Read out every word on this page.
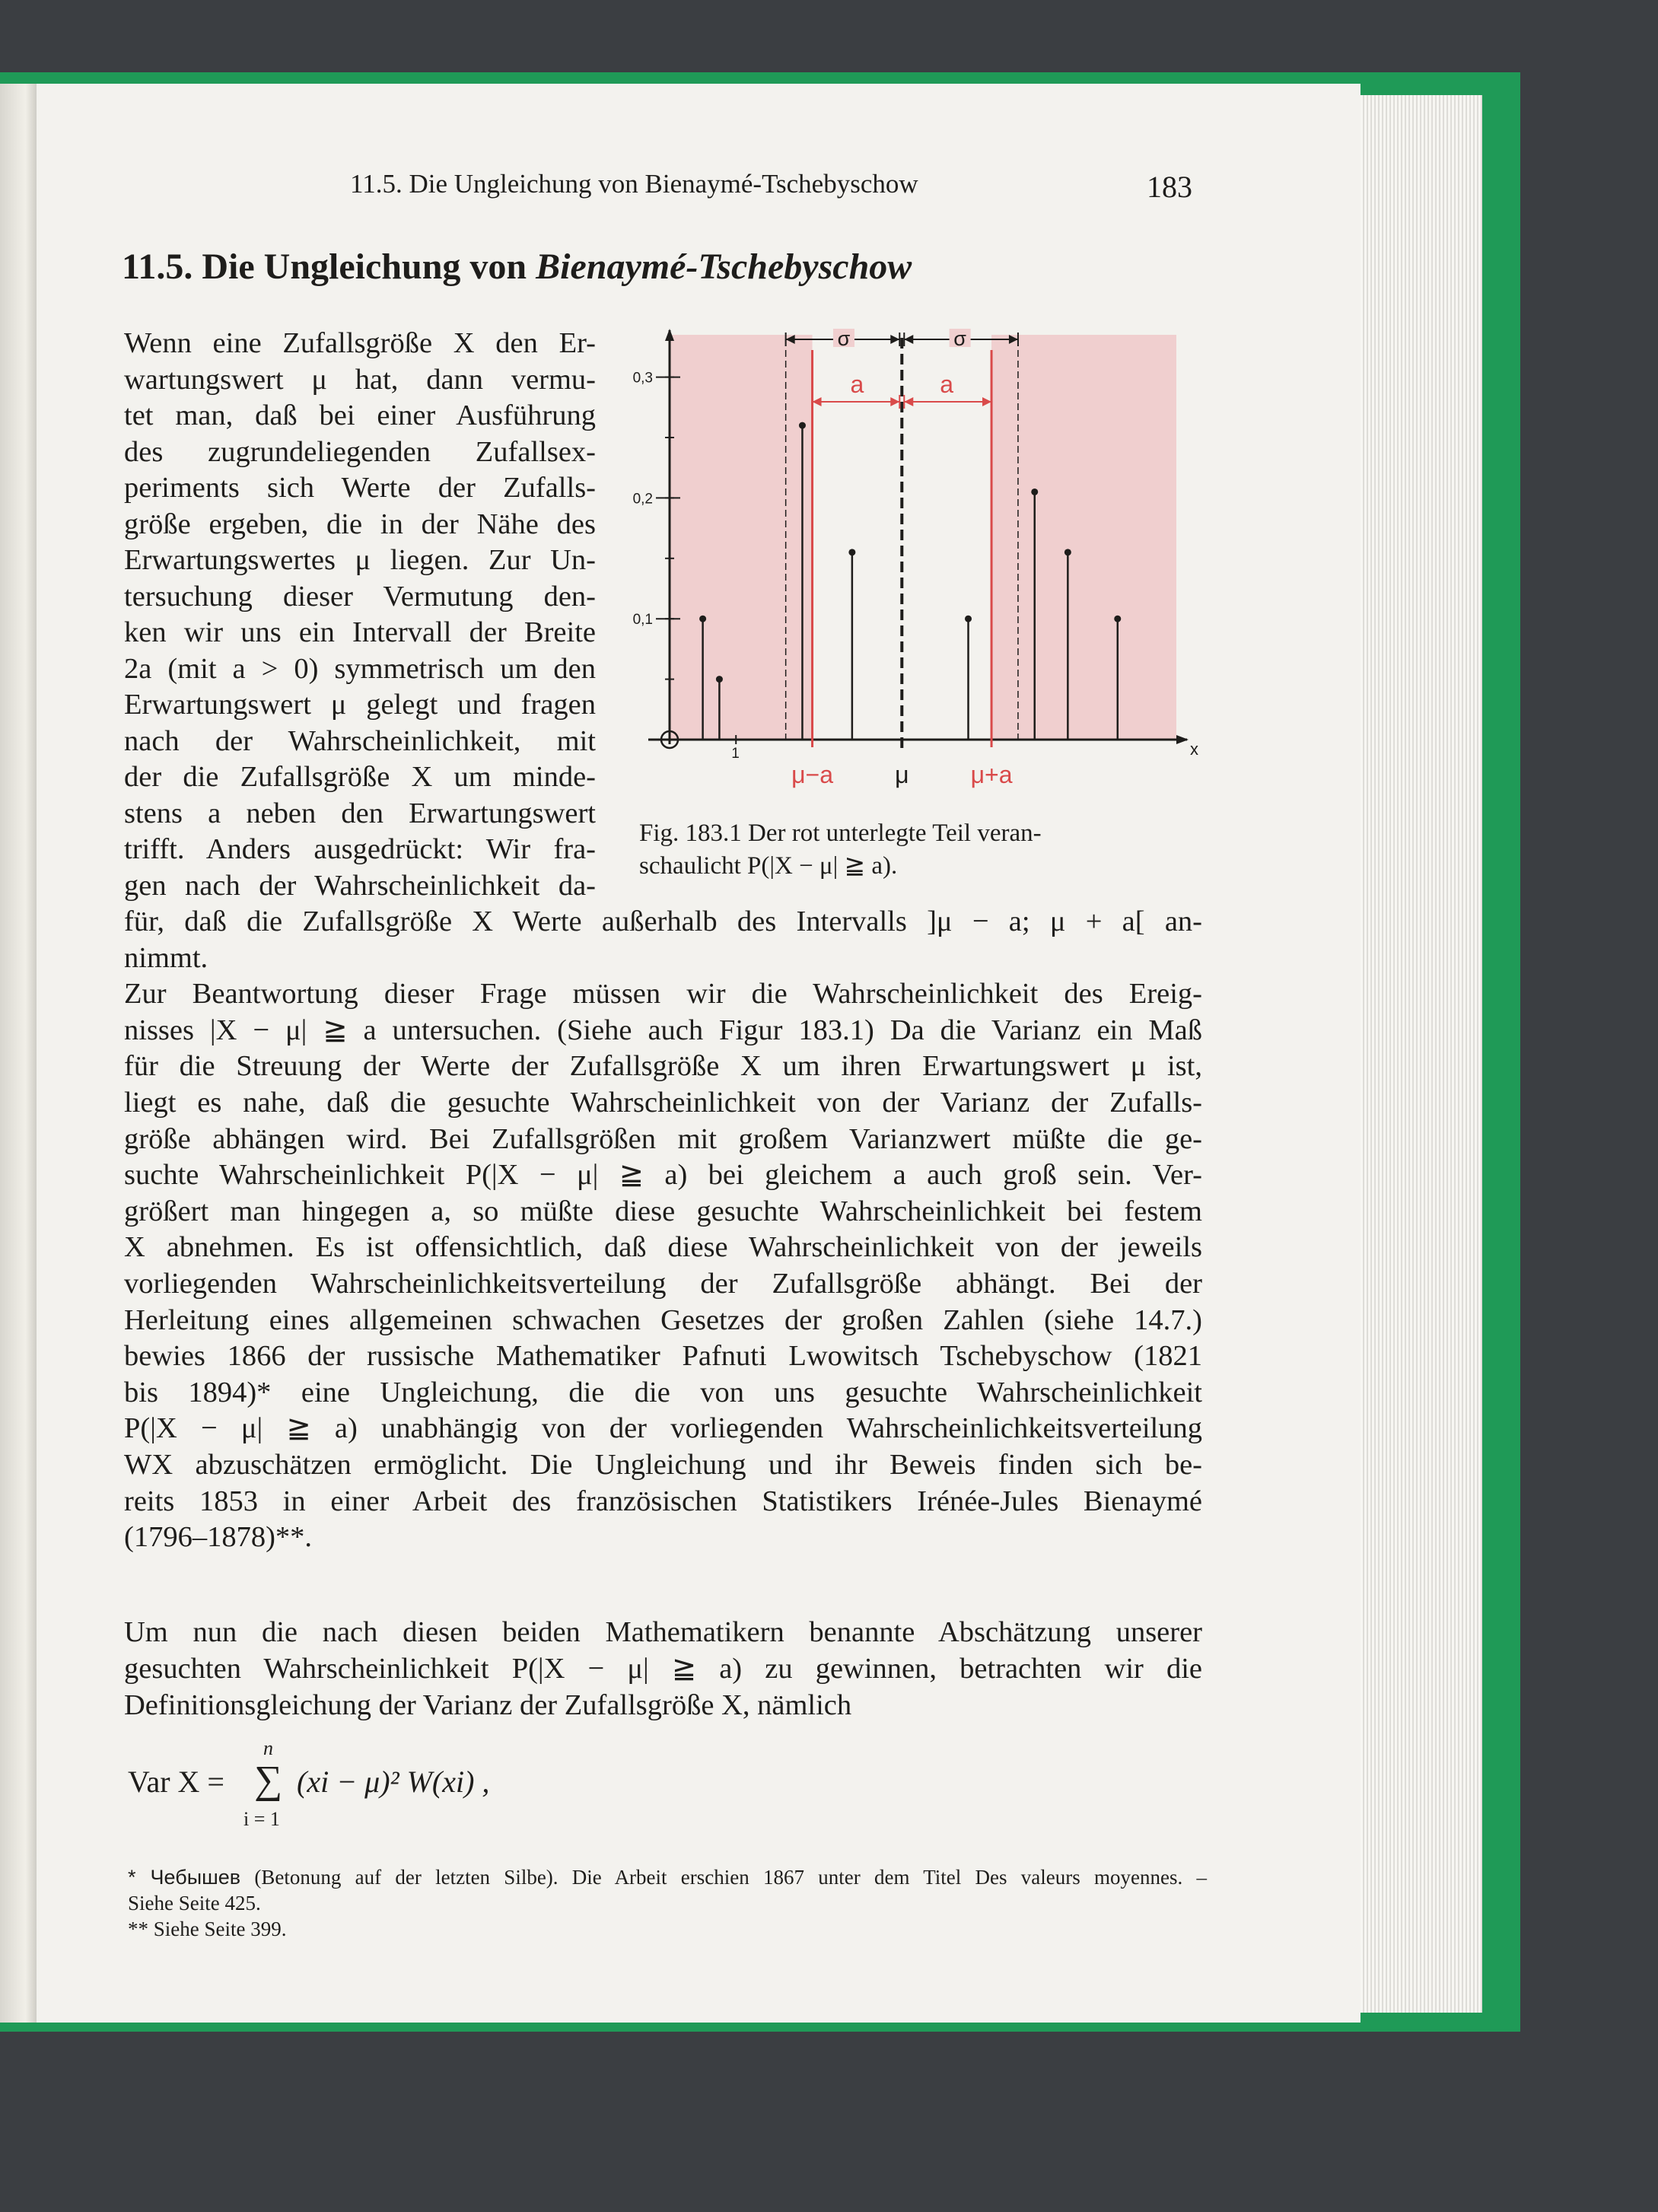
11.5. Die Ungleichung von Bienaymé-Tschebyschow	183
11.5. Die Ungleichung von Bienaymé-Tschebyschow
Wenn eine Zufallsgröße X den Er-
wartungswert μ hat, dann vermu-
tet man, daß bei einer Ausführung
des zugrundeliegenden Zufallsex-
periments sich Werte der Zufalls-
größe ergeben, die in der Nähe des
Erwartungswertes μ liegen. Zur Un-
tersuchung dieser Vermutung den-
ken wir uns ein Intervall der Breite
2a (mit a > 0) symmetrisch um den
Erwartungswert μ gelegt und fragen
nach der Wahrscheinlichkeit, mit
der die Zufallsgröße X um minde-
stens a neben den Erwartungswert
trifft. Anders ausgedrückt: Wir fra-
gen nach der Wahrscheinlichkeit da-
für, daß die Zufallsgröße X Werte außerhalb des Intervalls ]μ − a; μ + a[ an-
nimmt.
Zur Beantwortung dieser Frage müssen wir die Wahrscheinlichkeit des Ereig-
nisses |X − μ| ≧ a untersuchen. (Siehe auch Figur 183.1) Da die Varianz ein Maß
für die Streuung der Werte der Zufallsgröße X um ihren Erwartungswert μ ist,
liegt es nahe, daß die gesuchte Wahrscheinlichkeit von der Varianz der Zufalls-
größe abhängen wird. Bei Zufallsgrößen mit großem Varianzwert müßte die ge-
suchte Wahrscheinlichkeit P(|X − μ| ≧ a) bei gleichem a auch groß sein. Ver-
größert man hingegen a, so müßte diese gesuchte Wahrscheinlichkeit bei festem
X abnehmen. Es ist offensichtlich, daß diese Wahrscheinlichkeit von der jeweils
vorliegenden Wahrscheinlichkeitsverteilung der Zufallsgröße abhängt. Bei der
Herleitung eines allgemeinen schwachen Gesetzes der großen Zahlen (siehe 14.7.)
bewies 1866 der russische Mathematiker Pafnuti Lwowitsch Tschebyschow (1821
bis 1894)* eine Ungleichung, die die von uns gesuchte Wahrscheinlichkeit
P(|X − μ| ≧ a) unabhängig von der vorliegenden Wahrscheinlichkeitsverteilung
WX abzuschätzen ermöglicht. Die Ungleichung und ihr Beweis finden sich be-
reits 1853 in einer Arbeit des französischen Statistikers Irénée-Jules Bienaymé
(1796–1878)**.
Um nun die nach diesen beiden Mathematikern benannte Abschätzung unserer
gesuchten Wahrscheinlichkeit P(|X − μ| ≧ a) zu gewinnen, betrachten wir die
Definitionsgleichung der Varianz der Zufallsgröße X, nämlich
x
0,1
0,2
0,3
1
σ	σ
a	a
μ−a	μ	μ+a
Fig. 183.1 Der rot unterlegte Teil veran-
schaulicht P(|X − μ| ≧ a).
Var X =
n
∑
i = 1
(xi − μ)² W(xi) ,
* Чебышев (Betonung auf der letzten Silbe). Die Arbeit erschien 1867 unter dem Titel Des valeurs moyennes. –
Siehe Seite 425.
** Siehe Seite 399.
